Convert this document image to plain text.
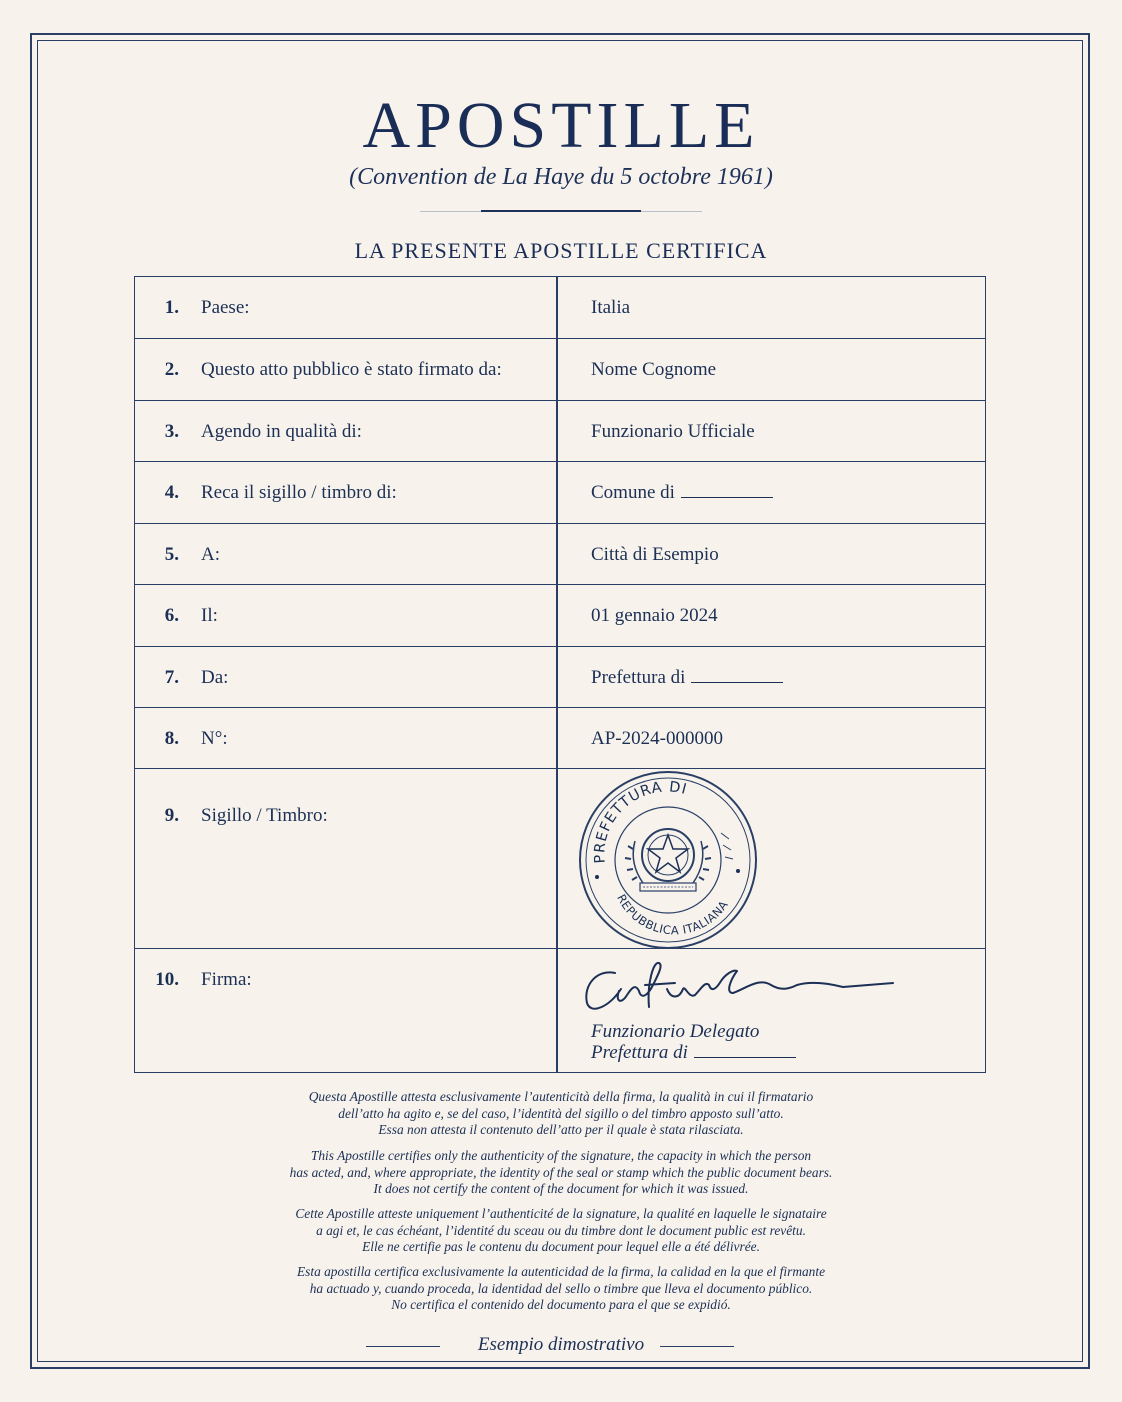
APOSTILLE
(Convention de La Haye du 5 octobre 1961)
LA PRESENTE APOSTILLE CERTIFICA
1. Paese:	Italia
2. Questo atto pubblico è stato firmato da:	Nome Cognome
3. Agendo in qualità di:	Funzionario Ufficiale
4. Reca il sigillo / timbro di:	Comune di
5. A:	Città di Esempio
6. Il:	01 gennaio 2024
7. Da:	Prefettura di
8. N°:	AP-2024-000000
9. Sigillo / Timbro:
PREFETTURA DI
REPUBBLICA ITALIANA
10. Firma:
Funzionario Delegato
Prefettura di

Questa Apostille attesta esclusivamente l’autenticità della firma, la qualità in cui il firmatario

dell’atto ha agito e, se del caso, l’identità del sigillo o del timbro apposto sull’atto.

Essa non attesta il contenuto dell’atto per il quale è stata rilasciata.

This Apostille certifies only the authenticity of the signature, the capacity in which the person

has acted, and, where appropriate, the identity of the seal or stamp which the public document bears.

It does not certify the content of the document for which it was issued.

Cette Apostille atteste uniquement l’authenticité de la signature, la qualité en laquelle le signataire

a agi et, le cas échéant, l’identité du sceau ou du timbre dont le document public est revêtu.

Elle ne certifie pas le contenu du document pour lequel elle a été délivrée.

Esta apostilla certifica exclusivamente la autenticidad de la firma, la calidad en la que el firmante

ha actuado y, cuando proceda, la identidad del sello o timbre que lleva el documento público.

No certifica el contenido del documento para el que se expidió.

Esempio dimostrativo
